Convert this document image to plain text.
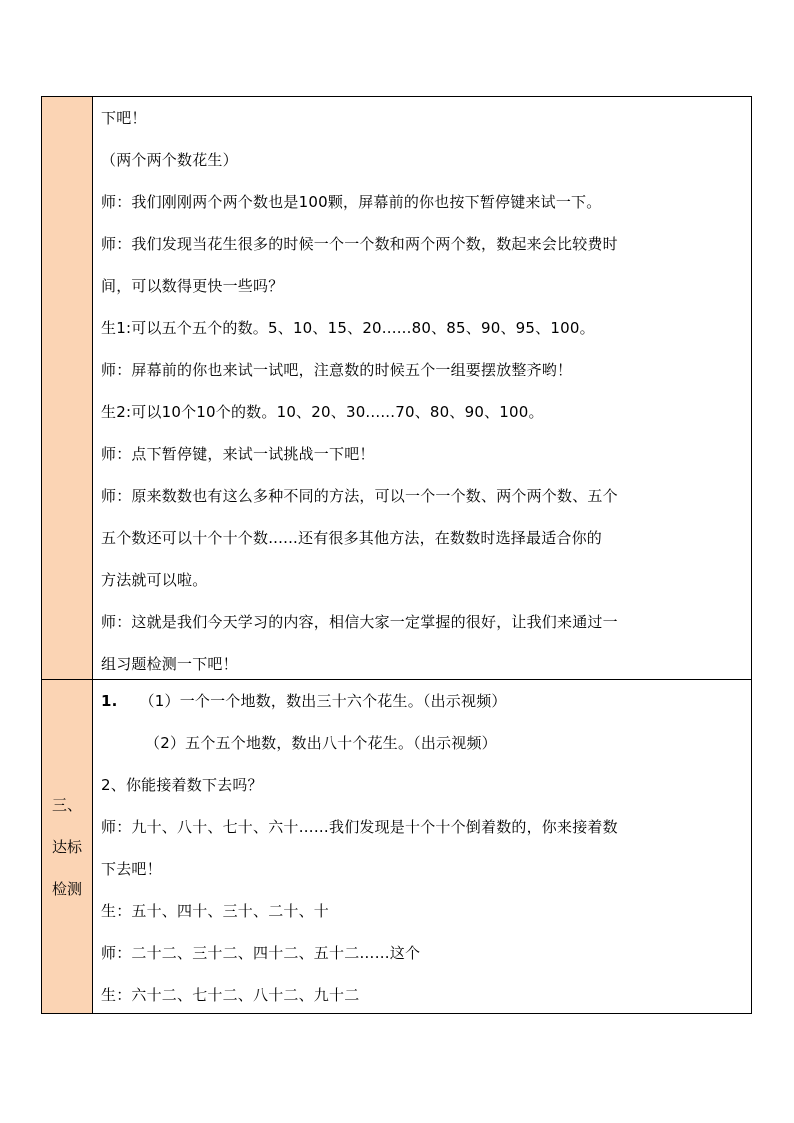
下吧！
（两个两个数花生）
师：我们刚刚两个两个数也是100颗，屏幕前的你也按下暂停键来试一下。
师：我们发现当花生很多的时候一个一个数和两个两个数，数起来会比较费时
间，可以数得更快一些吗？
生1:可以五个五个的数。5、10、15、20......80、85、90、95、100。
师：屏幕前的你也来试一试吧，注意数的时候五个一组要摆放整齐哟！
生2:可以10个10个的数。10、20、30......70、80、90、100。
师：点下暂停键，来试一试挑战一下吧！
师：原来数数也有这么多种不同的方法，可以一个一个数、两个两个数、五个
五个数还可以十个十个数......还有很多其他方法，在数数时选择最适合你的
方法就可以啦。
师：这就是我们今天学习的内容，相信大家一定掌握的很好，让我们来通过一
组习题检测一下吧！
三、
达标
检测
1. （1）一个一个地数，数出三十六个花生。（出示视频）
（2）五个五个地数，数出八十个花生。（出示视频）
2、你能接着数下去吗？
师：九十、八十、七十、六十……我们发现是十个十个倒着数的，你来接着数
下去吧！
生：五十、四十、三十、二十、十
师：二十二、三十二、四十二、五十二……这个
生：六十二、七十二、八十二、九十二
